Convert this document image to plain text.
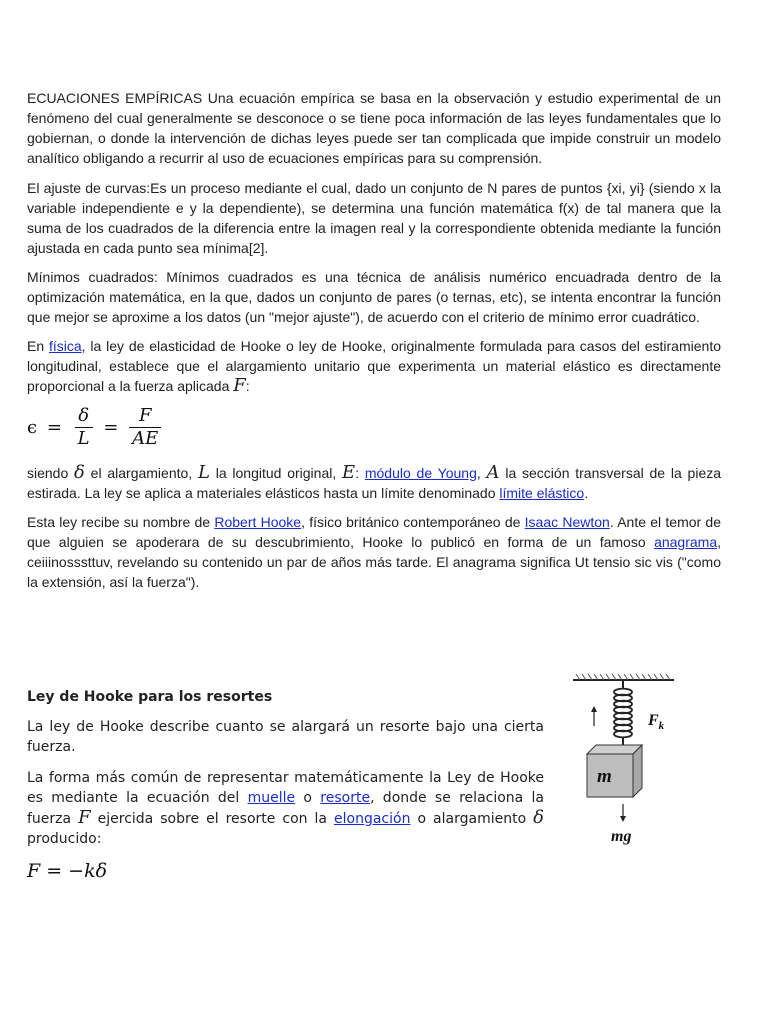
ECUACIONES EMPÍRICAS Una ecuación empírica se basa en la observación y estudio experimental de un fenómeno del cual generalmente se desconoce o se tiene poca información de las leyes fundamentales que lo gobiernan, o donde la intervención de dichas leyes puede ser tan complicada que impide construir un modelo analítico obligando a recurrir al uso de ecuaciones empíricas para su comprensión.

El ajuste de curvas:Es un proceso mediante el cual, dado un conjunto de N pares de puntos {xi, yi} (siendo x la variable independiente e y la dependiente), se determina una función matemática f(x) de tal manera que la suma de los cuadrados de la diferencia entre la imagen real y la correspondiente obtenida mediante la función ajustada en cada punto sea mínima[2].

Mínimos cuadrados: Mínimos cuadrados es una técnica de análisis numérico encuadrada dentro de la optimización matemática, en la que, dados un conjunto de pares (o ternas, etc), se intenta encontrar la función que mejor se aproxime a los datos (un "mejor ajuste"), de acuerdo con el criterio de mínimo error cuadrático.

En física, la ley de elasticidad de Hooke o ley de Hooke, originalmente formulada para casos del estiramiento longitudinal, establece que el alargamiento unitario que experimenta un material elástico es directamente proporcional a la fuerza aplicada F:

$\epsilon = \frac{\delta}{L} = \frac{F}{AE}$

siendo δ el alargamiento, L la longitud original, E: módulo de Young, A la sección transversal de la pieza estirada. La ley se aplica a materiales elásticos hasta un límite denominado límite elástico.

Esta ley recibe su nombre de Robert Hooke, físico británico contemporáneo de Isaac Newton. Ante el temor de que alguien se apoderara de su descubrimiento, Hooke lo publicó en forma de un famoso anagrama, ceiiinosssttuv, revelando su contenido un par de años más tarde. El anagrama significa Ut tensio sic vis ("como la extensión, así la fuerza").

Ley de Hooke para los resortes

La ley de Hooke describe cuanto se alargará un resorte bajo una cierta fuerza.

La forma más común de representar matemáticamente la Ley de Hooke es mediante la ecuación del muelle o resorte, donde se relaciona la fuerza F ejercida sobre el resorte con la elongación o alargamiento δ producido:

F = −kδ
$F_k$
m
mg
